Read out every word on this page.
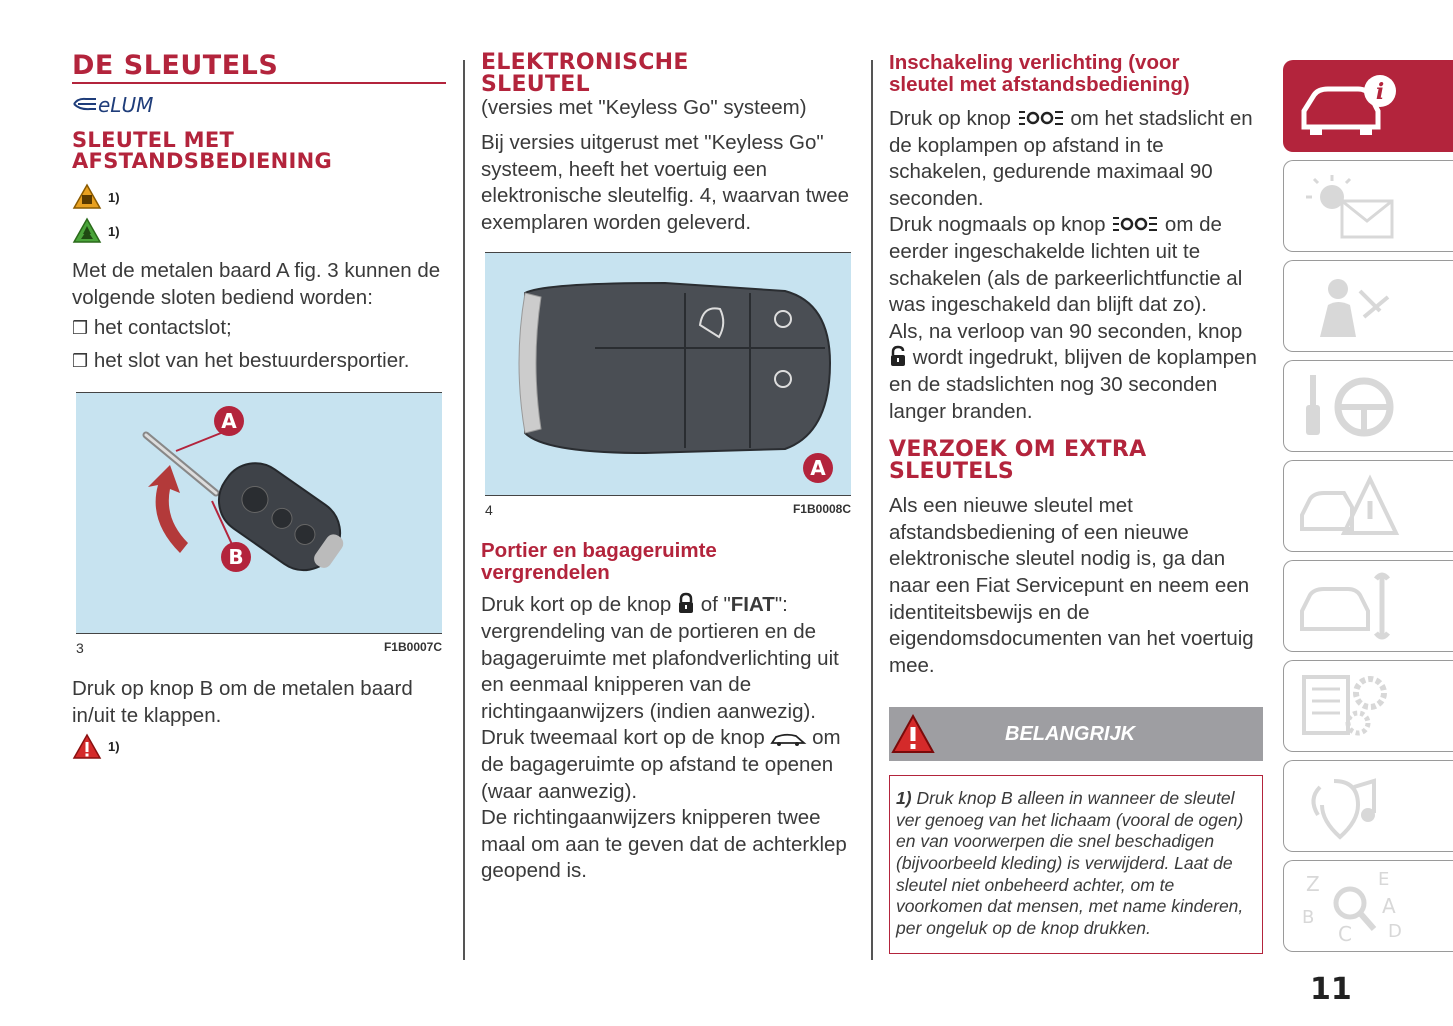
DE SLEUTELS
eLUM
SLEUTEL MET
AFSTANDSBEDIENING
1)
1)

Met de metalen baard A fig. 3 kunnen de volgende sloten bediend worden:

❒ het contactslot;

❒ het slot van het bestuurdersportier.

A
B
3	F1B0007C

Druk op knop B om de metalen baard in/uit te klappen.

1)
ELEKTRONISCHE
SLEUTEL

(versies met "Keyless Go" systeem)

Bij versies uitgerust met "Keyless Go" systeem, heeft het voertuig een elektronische sleutelfig. 4, waarvan twee exemplaren worden geleverd.

A
4	F1B0008C
Portier en bagageruimte
vergrendelen

Druk kort op de knop of "FIAT": vergrendeling van de portieren en de bagageruimte met plafondverlichting uit en eenmaal knipperen van de richtingaanwijzers (indien aanwezig).

Druk tweemaal kort op de knop om de bagageruimte op afstand te openen (waar aanwezig).

De richtingaanwijzers knipperen twee maal om aan te geven dat de achterklep geopend is.

Inschakeling verlichting (voor
sleutel met afstandsbediening)

Druk op knop	om het stadslicht en de koplampen op afstand in te schakelen, gedurende maximaal 90 seconden.

Druk nogmaals op knop	om de eerder ingeschakelde lichten uit te schakelen (als de parkeerlichtfunctie al was ingeschakeld dan blijft dat zo).

Als, na verloop van 90 seconden, knop
wordt ingedrukt, blijven de koplampen en de stadslichten nog 30 seconden langer branden.

VERZOEK OM EXTRA
SLEUTELS

Als een nieuwe sleutel met afstandsbediening of een nieuwe elektronische sleutel nodig is, ga dan naar een Fiat Servicepunt en neem een identiteitsbewijs en de eigendomsdocumenten van het voertuig mee.

BELANGRIJK

1) Druk knop B alleen in wanneer de sleutel ver genoeg van het lichaam (vooral de ogen) en van voorwerpen die snel beschadigen (bijvoorbeeld kleding) is verwijderd. Laat de sleutel niet onbeheerd achter, om te voorkomen dat mensen, met name kinderen, per ongeluk op de knop drukken.

i
Z
B
E
A
D
C
11
